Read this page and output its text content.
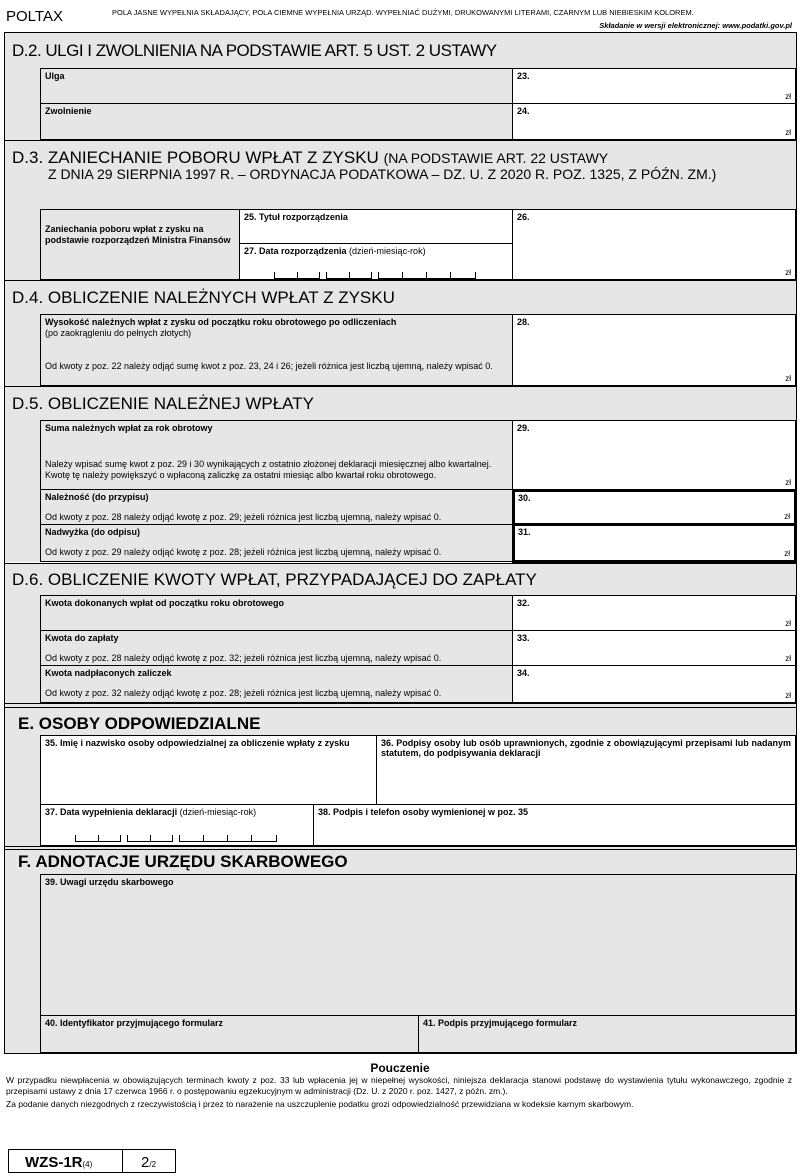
POLTAX	POLA JASNE WYPEŁNIA SKŁADAJĄCY, POLA CIEMNE WYPEŁNIA URZĄD. WYPEŁNIAĆ DUŻYMI, DRUKOWANYMI LITERAMI, CZARNYM LUB NIEBIESKIM KOLOREM.
Składanie w wersji elektronicznej: www.podatki.gov.pl
D.2. ULGI I ZWOLNIENIA NA PODSTAWIE ART. 5 UST. 2 USTAWY
Ulga	23.
zł
Zwolnienie	24.
zł
D.3. ZANIECHANIE POBORU WPŁAT Z ZYSKU (NA PODSTAWIE ART. 22 USTAWY
Z DNIA 29 SIERPNIA 1997 R. – ORDYNACJA PODATKOWA – DZ. U. Z 2020 R. POZ. 1325, Z PÓŹN. ZM.)
Zaniechania poboru wpłat z zysku na podstawie rozporządzeń Ministra Finansów
25. Tytuł rozporządzenia
27. Data rozporządzenia (dzień-miesiąc-rok)
26.
zł
D.4. OBLICZENIE NALEŻNYCH WPŁAT Z ZYSKU
Wysokość należnych wpłat z zysku od początku roku obrotowego po odliczeniach
(po zaokrągleniu do pełnych złotych)
Od kwoty z poz. 22 należy odjąć sumę kwot z poz. 23, 24 i 26; jeżeli różnica jest liczbą ujemną, należy wpisać 0.
28.
zł
D.5. OBLICZENIE NALEŻNEJ WPŁATY
Suma należnych wpłat za rok obrotowy
Należy wpisać sumę kwot z poz. 29 i 30 wynikających z ostatnio złożonej deklaracji miesięcznej albo kwartalnej. Kwotę tę należy powiększyć o wpłaconą zaliczkę za ostatni miesiąc albo kwartał roku obrotowego.
29.
zł
Należność (do przypisu)
Od kwoty z poz. 28 należy odjąć kwotę z poz. 29; jeżeli różnica jest liczbą ujemną, należy wpisać 0.
30.
zł
Nadwyżka (do odpisu)
Od kwoty z poz. 29 należy odjąć kwotę z poz. 28; jeżeli różnica jest liczbą ujemną, należy wpisać 0.
31.
zł
D.6. OBLICZENIE KWOTY WPŁAT, PRZYPADAJĄCEJ DO ZAPŁATY
Kwota dokonanych wpłat od początku roku obrotowego	32.
zł
Kwota do zapłaty
Od kwoty z poz. 28 należy odjąć kwotę z poz. 32; jeżeli różnica jest liczbą ujemną, należy wpisać 0.
33.
zł
Kwota nadpłaconych zaliczek
Od kwoty z poz. 32 należy odjąć kwotę z poz. 28; jeżeli różnica jest liczbą ujemną, należy wpisać 0.
34.
zł
E. OSOBY ODPOWIEDZIALNE
35. Imię i nazwisko osoby odpowiedzialnej za obliczenie wpłaty z zysku	36. Podpisy osoby lub osób uprawnionych, zgodnie z obowiązującymi przepisami lub nadanym statutem, do podpisywania deklaracji
37. Data wypełnienia deklaracji (dzień-miesiąc-rok)	38. Podpis i telefon osoby wymienionej w poz. 35
F. ADNOTACJE URZĘDU SKARBOWEGO
39. Uwagi urzędu skarbowego
40. Identyfikator przyjmującego formularz	41. Podpis przyjmującego formularz
Pouczenie
W przypadku niewpłacenia w obowiązujących terminach kwoty z poz. 33 lub wpłacenia jej w niepełnej wysokości, niniejsza deklaracja stanowi podstawę do wystawienia tytułu wykonawczego, zgodnie z przepisami ustawy z dnia 17 czerwca 1966 r. o postępowaniu egzekucyjnym w administracji (Dz. U. z 2020 r. poz. 1427, z późn. zm.).
Za podanie danych niezgodnych z rzeczywistością i przez to narażenie na uszczuplenie podatku grozi odpowiedzialność przewidziana w kodeksie karnym skarbowym.
WZS-1R(4)	2/2
